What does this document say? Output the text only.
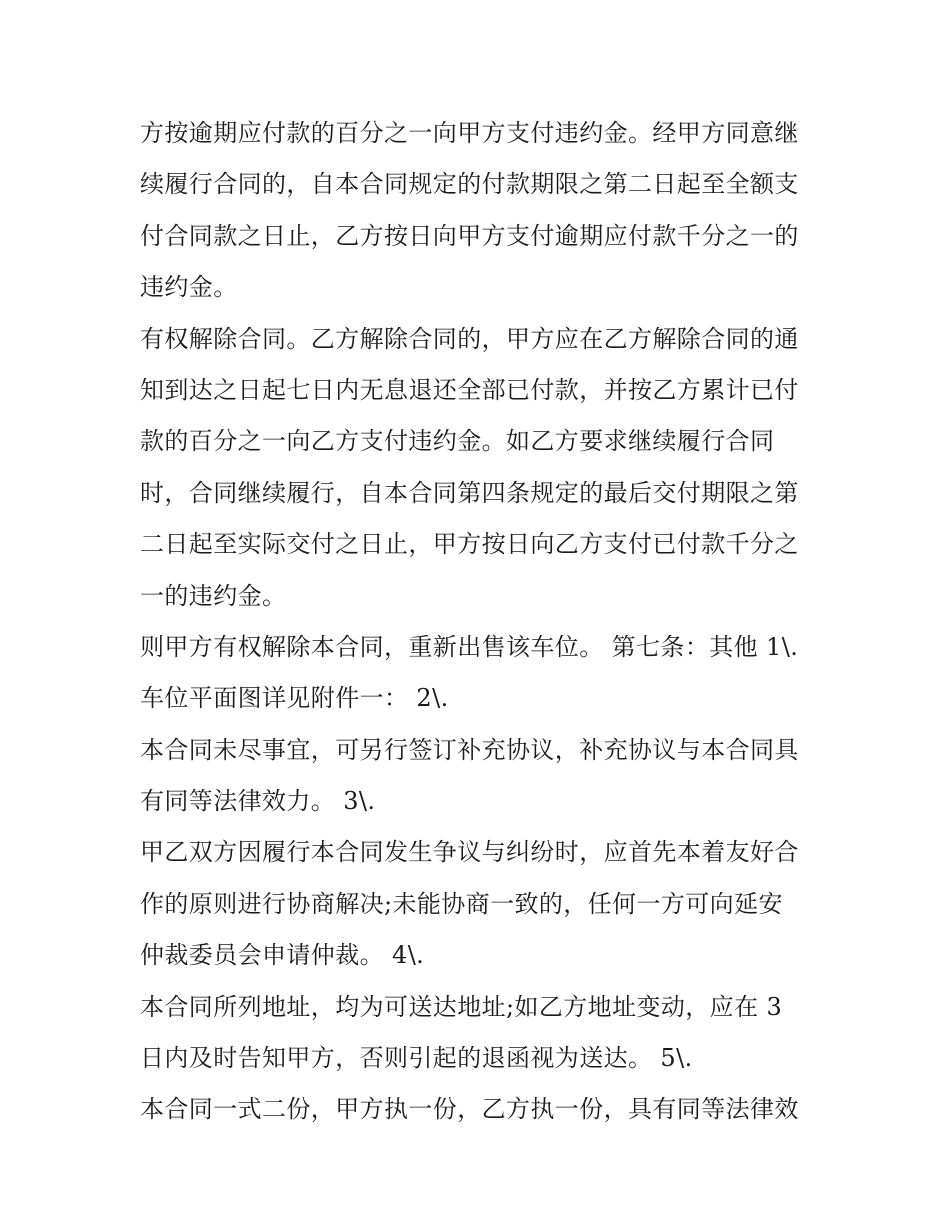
方按逾期应付款的百分之一向甲方支付违约金。经甲方同意继
续履行合同的，自本合同规定的付款期限之第二日起至全额支
付合同款之日止，乙方按日向甲方支付逾期应付款千分之一的
违约金。
有权解除合同。乙方解除合同的，甲方应在乙方解除合同的通
知到达之日起七日内无息退还全部已付款，并按乙方累计已付
款的百分之一向乙方支付违约金。如乙方要求继续履行合同
时，合同继续履行，自本合同第四条规定的最后交付期限之第
二日起至实际交付之日止，甲方按日向乙方支付已付款千分之
一的违约金。
则甲方有权解除本合同，重新出售该车位。 第七条：其他 1\.
车位平面图详见附件一： 2\.
本合同未尽事宜，可另行签订补充协议，补充协议与本合同具
有同等法律效力。 3\.
甲乙双方因履行本合同发生争议与纠纷时，应首先本着友好合
作的原则进行协商解决;未能协商一致的，任何一方可向延安
仲裁委员会申请仲裁。 4\.
本合同所列地址，均为可送达地址;如乙方地址变动，应在 3
日内及时告知甲方，否则引起的退函视为送达。 5\.
本合同一式二份，甲方执一份，乙方执一份，具有同等法律效
